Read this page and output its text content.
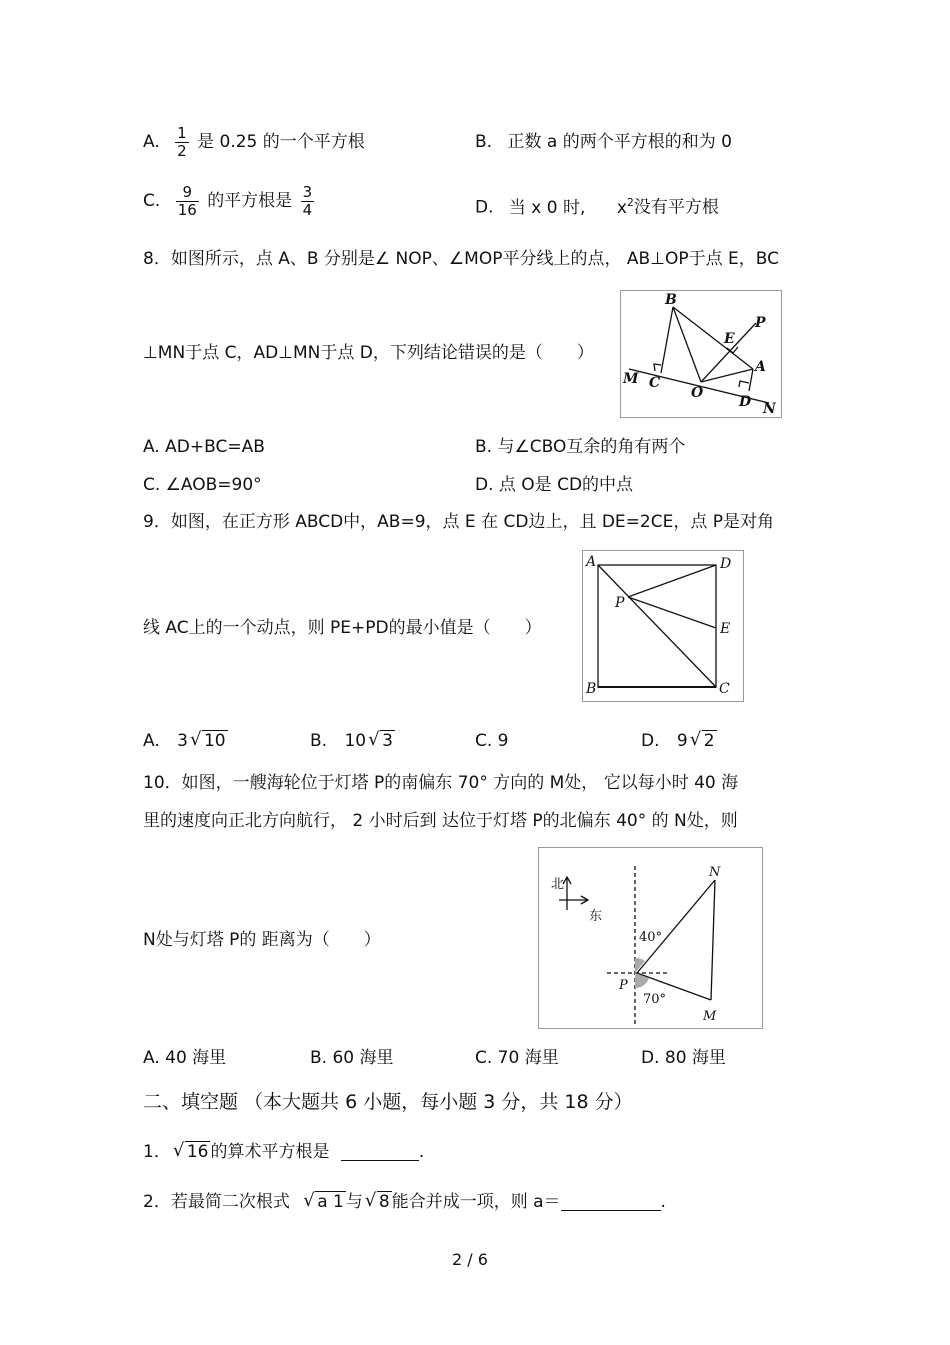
A. $\frac{1}{2}$ 是 0.25 的一个平方根	B. 正数 a 的两个平方根的和为 0
C. $\frac{9}{16}$ 的平方根是 $\frac{3}{4}$	D. 当 x 0 时, $x^2$没有平方根
8．如图所示，点 A、B 分别是∠ NOP、∠MOP平分线上的点， AB⊥OP于点 E，BC
⊥MN于点 C，AD⊥MN于点 D，下列结论错误的是（　　）
B
E
P
A
M C
O
D N
A. AD+BC=AB	B. 与∠CBO互余的角有两个
C. ∠AOB=90°	D. 点 O是 CD的中点
9．如图，在正方形 ABCD中，AB=9，点 E 在 CD边上，且 DE=2CE，点 P是对角
线 AC上的一个动点，则 PE+PD的最小值是（　　）
A	D
P
E
B	C
A. 3 √ 10	B. 10 √ 3	C. 9	D. 9 √ 2
10．如图，一艘海轮位于灯塔 P的南偏东 70° 方向的 M处， 它以每小时 40 海
里的速度向正北方向航行， 2 小时后到 达位于灯塔 P的北偏东 40° 的 N处，则
N处与灯塔 P的 距离为（　　）
北
东
N
40°
P
70°
M
A. 40 海里	B. 60 海里	C. 70 海里	D. 80 海里
二、填空题 （本大题共 6 小题，每小题 3 分，共 18 分）
1． √ 16 的算术平方根是	.
2．若最简二次根式 √ a 1 与 √ 8 能合并成一项，则 a＝	.
2 / 6
